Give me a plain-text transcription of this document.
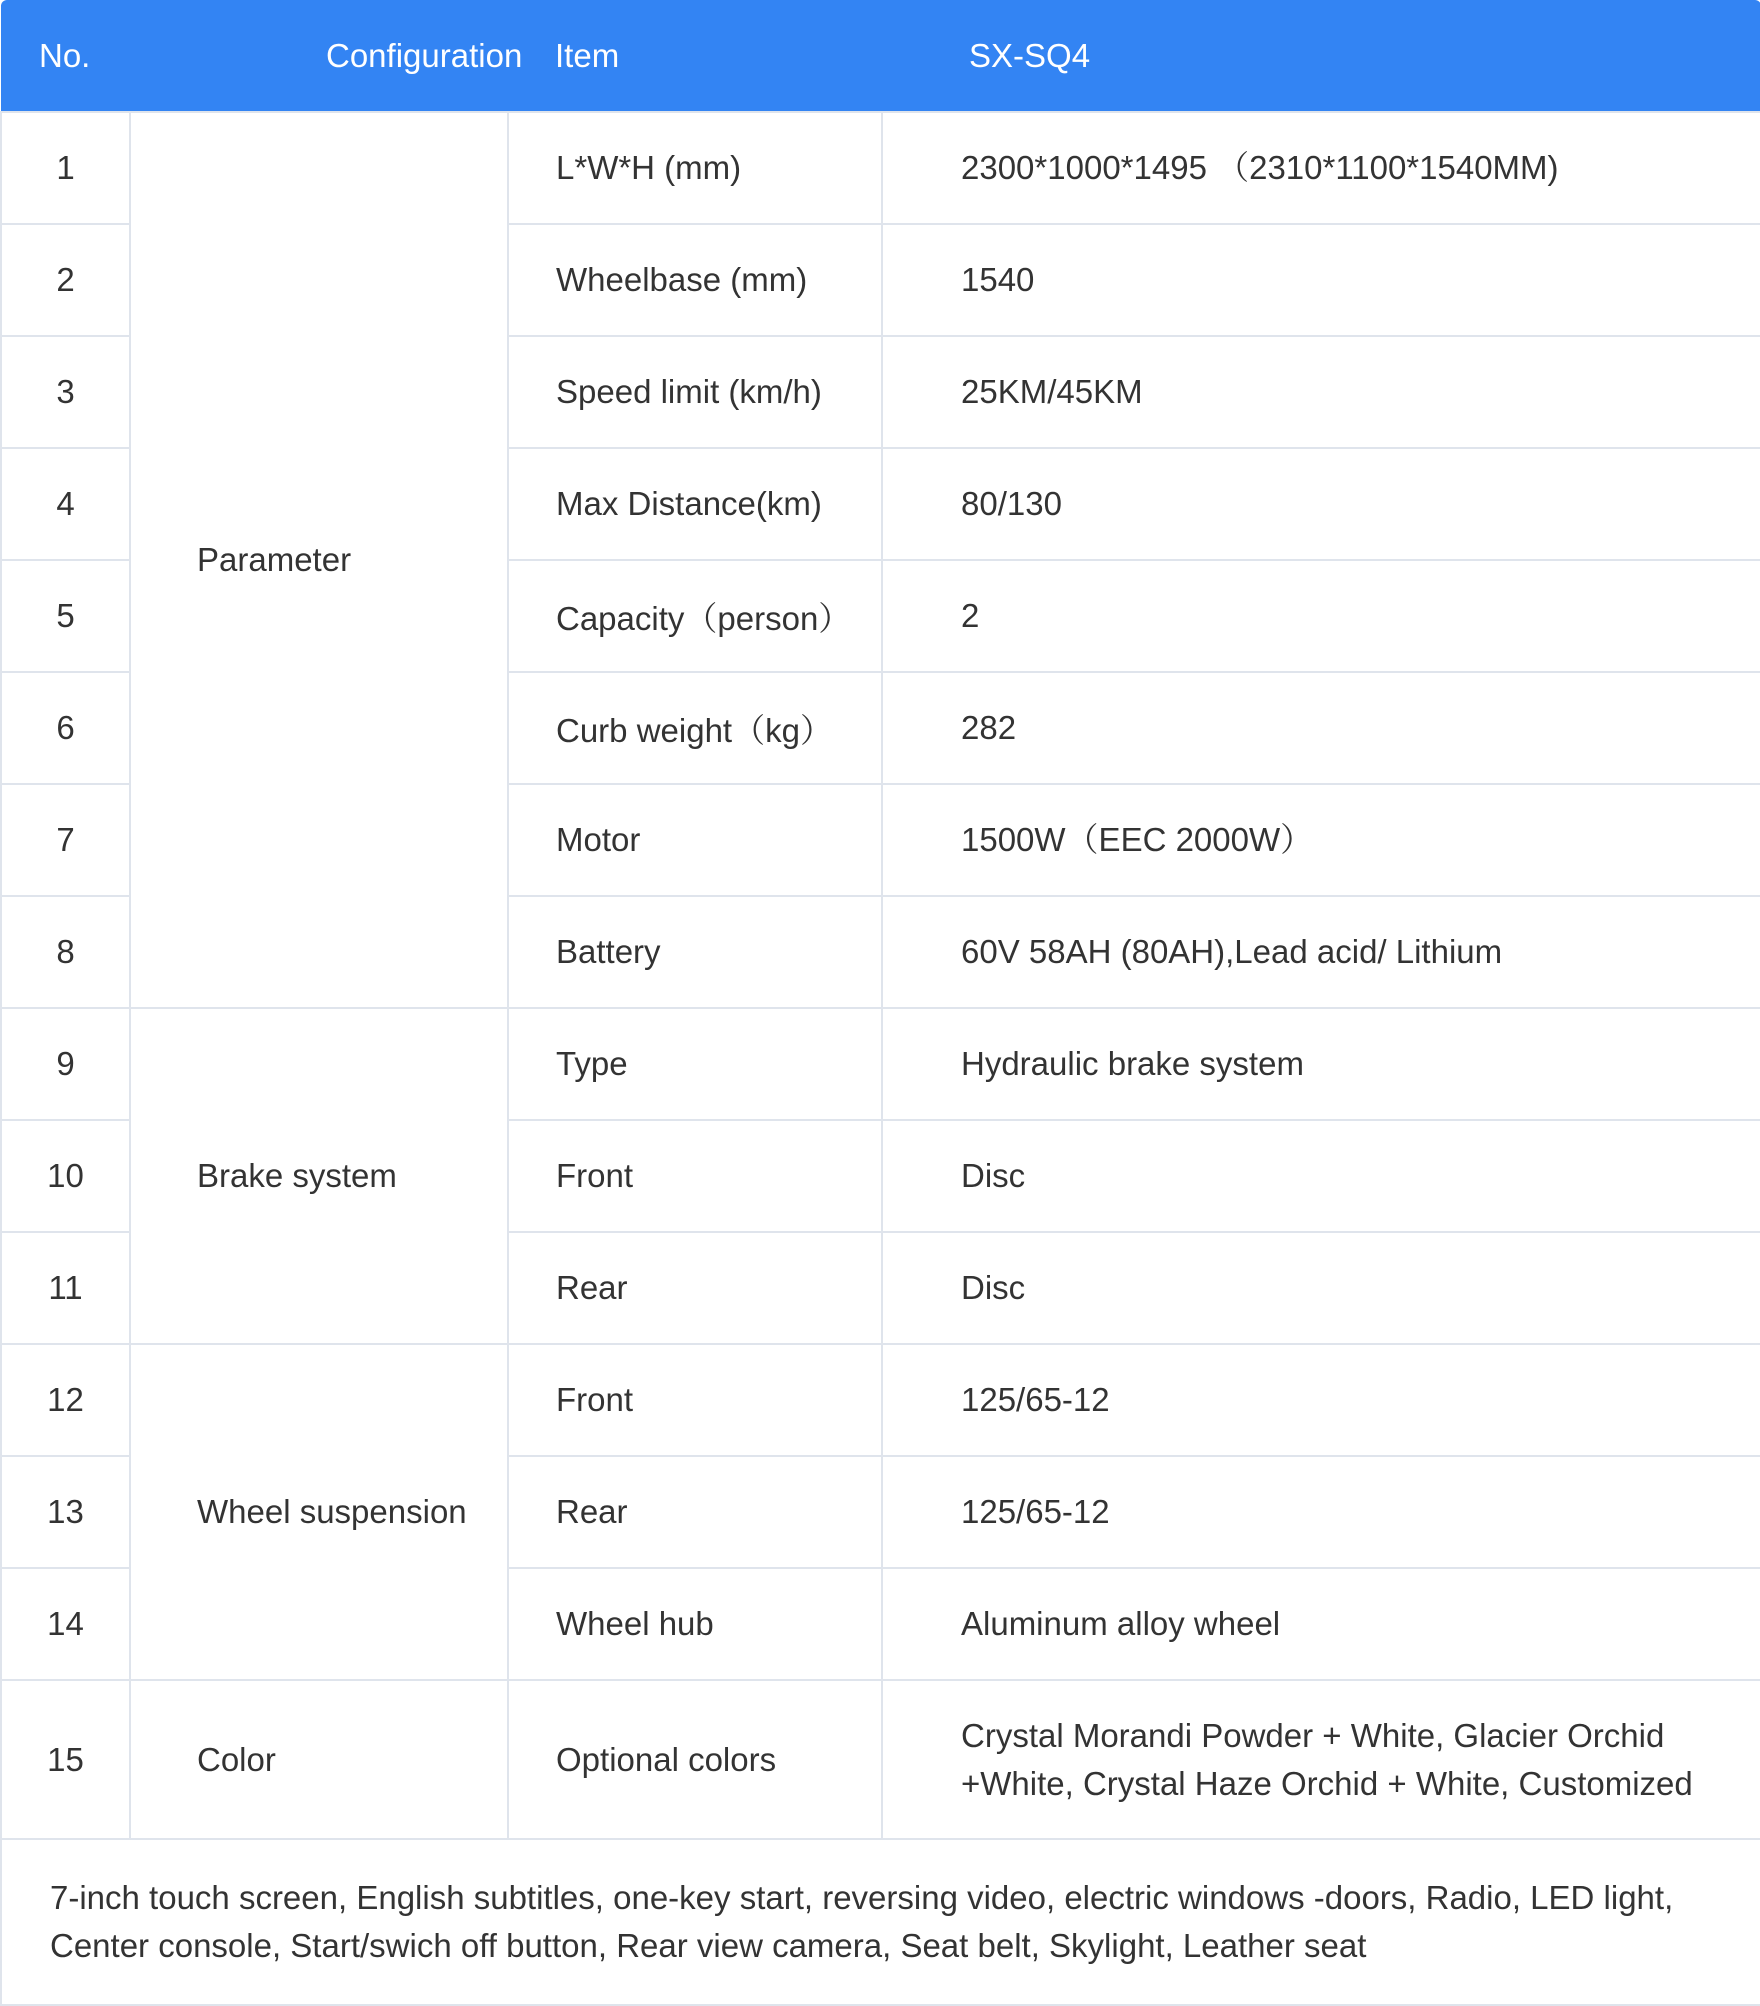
No.	Configuration	Item	SX-SQ4
1	Parameter	L*W*H (mm)	2300*1000*1495 （2310*1100*1540MM)
2		Wheelbase (mm)	1540
3		Speed limit (km/h)	25KM/45KM
4		Max Distance(km)	80/130
5		Capacity（person）	2
6		Curb weight（kg）	282
7		Motor	1500W（EEC 2000W）
8		Battery	60V 58AH (80AH),Lead acid/ Lithium
9	Brake system	Type	Hydraulic brake system
10		Front	Disc
11		Rear	Disc
12	Wheel suspension	Front	125/65-12
13		Rear	125/65-12
14		Wheel hub	Aluminum alloy wheel
15	Color	Optional colors	Crystal Morandi Powder + White, Glacier Orchid +White, Crystal Haze Orchid + White, Customized
7-inch touch screen, English subtitles, one-key start, reversing video, electric windows -doors, Radio, LED light, Center console, Start/swich off button, Rear view camera, Seat belt, Skylight, Leather seat			
